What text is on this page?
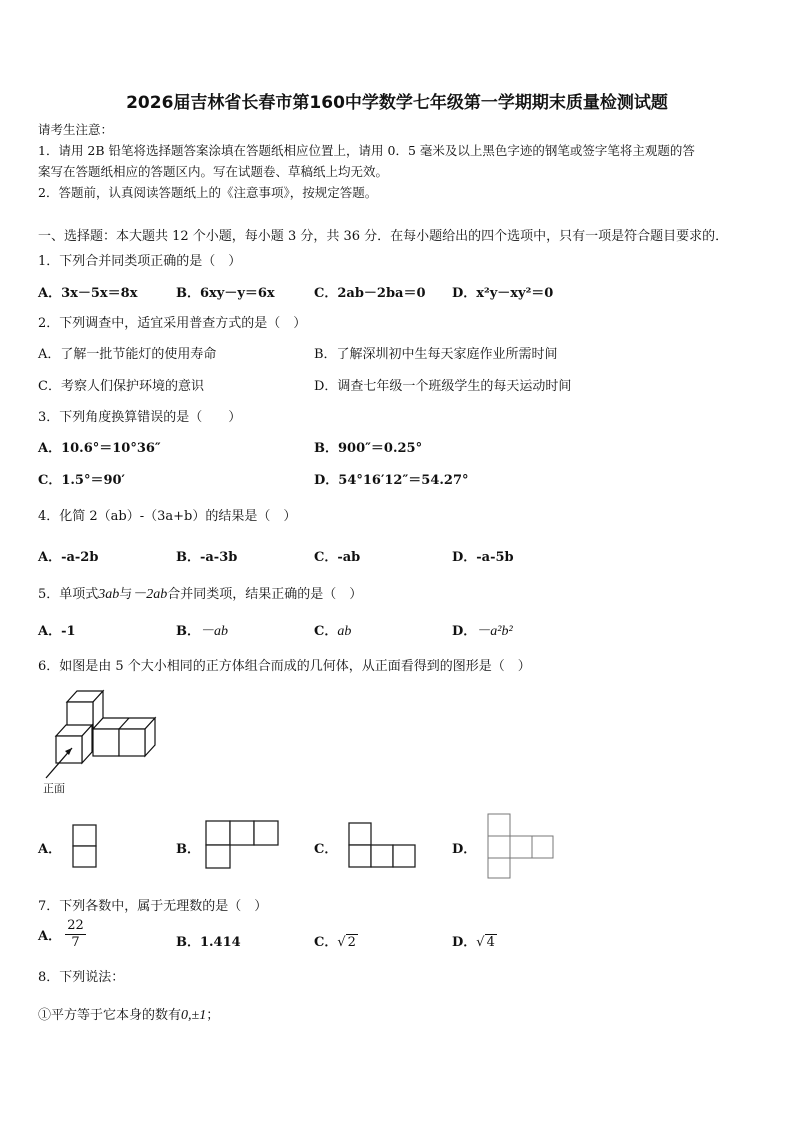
2026届吉林省长春市第160中学数学七年级第一学期期末质量检测试题
请考生注意：
1．请用 2B 铅笔将选择题答案涂填在答题纸相应位置上，请用 0．5 毫米及以上黑色字迹的钢笔或签字笔将主观题的答
案写在答题纸相应的答题区内。写在试题卷、草稿纸上均无效。
2．答题前，认真阅读答题纸上的《注意事项》，按规定答题。
一、选择题：本大题共 12 个小题，每小题 3 分，共 36 分．在每小题给出的四个选项中，只有一项是符合题目要求的．
1．下列合并同类项正确的是（　）
A．3x－5x＝8x	B．6xy－y＝6x	C．2ab－2ba＝0 D．x²y－xy²＝0
2．下列调查中，适宜采用普查方式的是（　）
A．了解一批节能灯的使用寿命	B．了解深圳初中生每天家庭作业所需时间
C．考察人们保护环境的意识	D．调查七年级一个班级学生的每天运动时间
3．下列角度换算错误的是（　　）
A．10.6°＝10°36″	B．900″＝0.25°
C．1.5°＝90′	D．54°16′12″＝54.27°
4．化简 2（ab）-（3a+b）的结果是（　）
A．-a-2b	B．-a-3b	C．-ab	D．-a-5b
5．单项式3ab与－2ab合并同类项，结果正确的是（　）
A．-1	B．－ab	C．ab	D．－a²b²
6．如图是由 5 个大小相同的正方体组合而成的几何体，从正面看得到的图形是（　）
正面
A．	B．	C．	D．
7．下列各数中，属于无理数的是（　）
A． $\frac{22}{7}$	B．1.414	C．√ 2	D．√ 4
8．下列说法：
①平方等于它本身的数有0,±1；
